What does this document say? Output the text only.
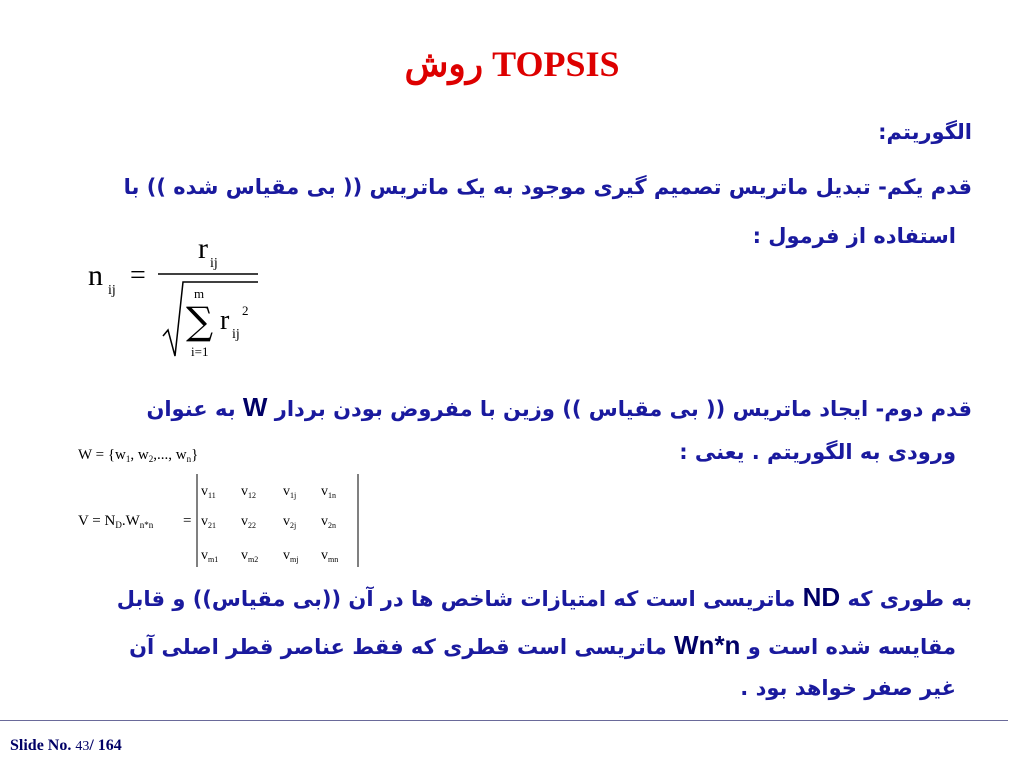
روش TOPSIS
الگوریتم:
قدم یکم- تبدیل ماتریس تصمیم گیری موجود به یک ماتریس (( بی مقیاس شده )) با
استفاده از فرمول :
n ij =
r ij
m
∑
i=1
r ij
2
قدم دوم- ایجاد ماتریس (( بی مقیاس )) وزین با مفروض بودن بردار W به عنوان
ورودی به الگوریتم . یعنی :
$W = \{w_1$, $w_2$,..., $w_n$}
$V = N_D.W_{n*n}$ =
$v_{11}$ $v_{12}$ $v_{1j}$ $v_{1n}$
$v_{21}$ $v_{22}$ $v_{2j}$ $v_{2n}$
$v_{m1}$ $v_{m2}$ $v_{mj}$ $v_{mn}$
به طوری که ND ماتریسی است که امتیازات شاخص ها در آن ((بی مقیاس)) و قابل
مقایسه شده است و Wn*n ماتریسی است قطری که فقط عناصر قطر اصلی آن
غیر صفر خواهد بود .
Slide No. 43/ 164
